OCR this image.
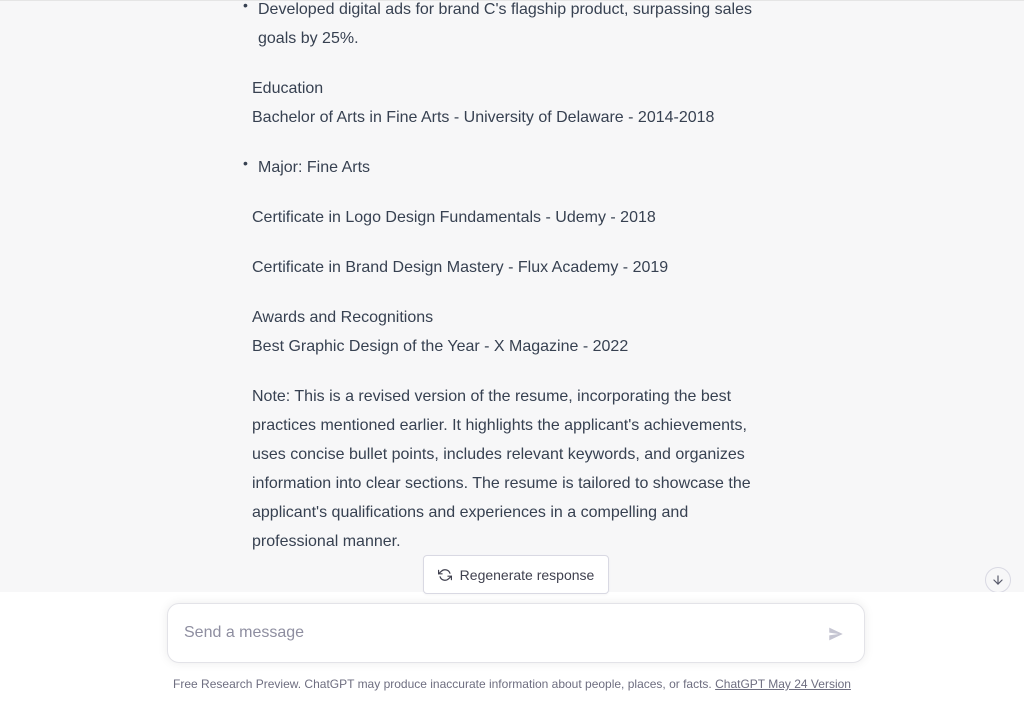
• Developed digital ads for brand C's flagship product, surpassing sales goals by 25%.
Education
Bachelor of Arts in Fine Arts - University of Delaware - 2014-2018
• Major: Fine Arts
Certificate in Logo Design Fundamentals - Udemy - 2018
Certificate in Brand Design Mastery - Flux Academy - 2019
Awards and Recognitions
Best Graphic Design of the Year - X Magazine - 2022
Note: This is a revised version of the resume, incorporating the best practices mentioned earlier. It highlights the applicant's achievements, uses concise bullet points, includes relevant keywords, and organizes information into clear sections. The resume is tailored to showcase the applicant's qualifications and experiences in a compelling and professional manner.
Regenerate response
Send a message
Free Research Preview. ChatGPT may produce inaccurate information about people, places, or facts. ChatGPT May 24 Version
